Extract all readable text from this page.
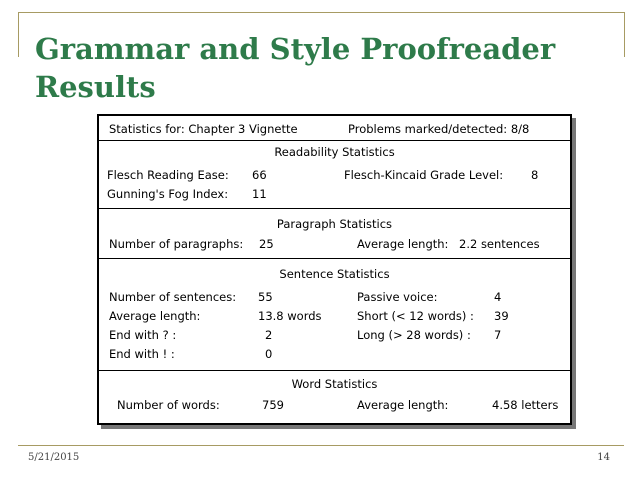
Grammar and Style Proofreader Results
Statistics for: Chapter 3 Vignette	Problems marked/detected: 8/8
Readability Statistics
Flesch Reading Ease: 66	Flesch-Kincaid Grade Level: 8
Gunning's Fog Index: 11
Paragraph Statistics
Number of paragraphs: 25	Average length: 2.2 sentences
Sentence Statistics
Number of sentences: 55	Passive voice:	4
Average length:	13.8 words	Short (< 12 words) : 39
End with ? :	2	Long (> 28 words) : 7
End with ! :	0
Word Statistics
Number of words:	759	Average length:	4.58 letters
5/21/2015	14
